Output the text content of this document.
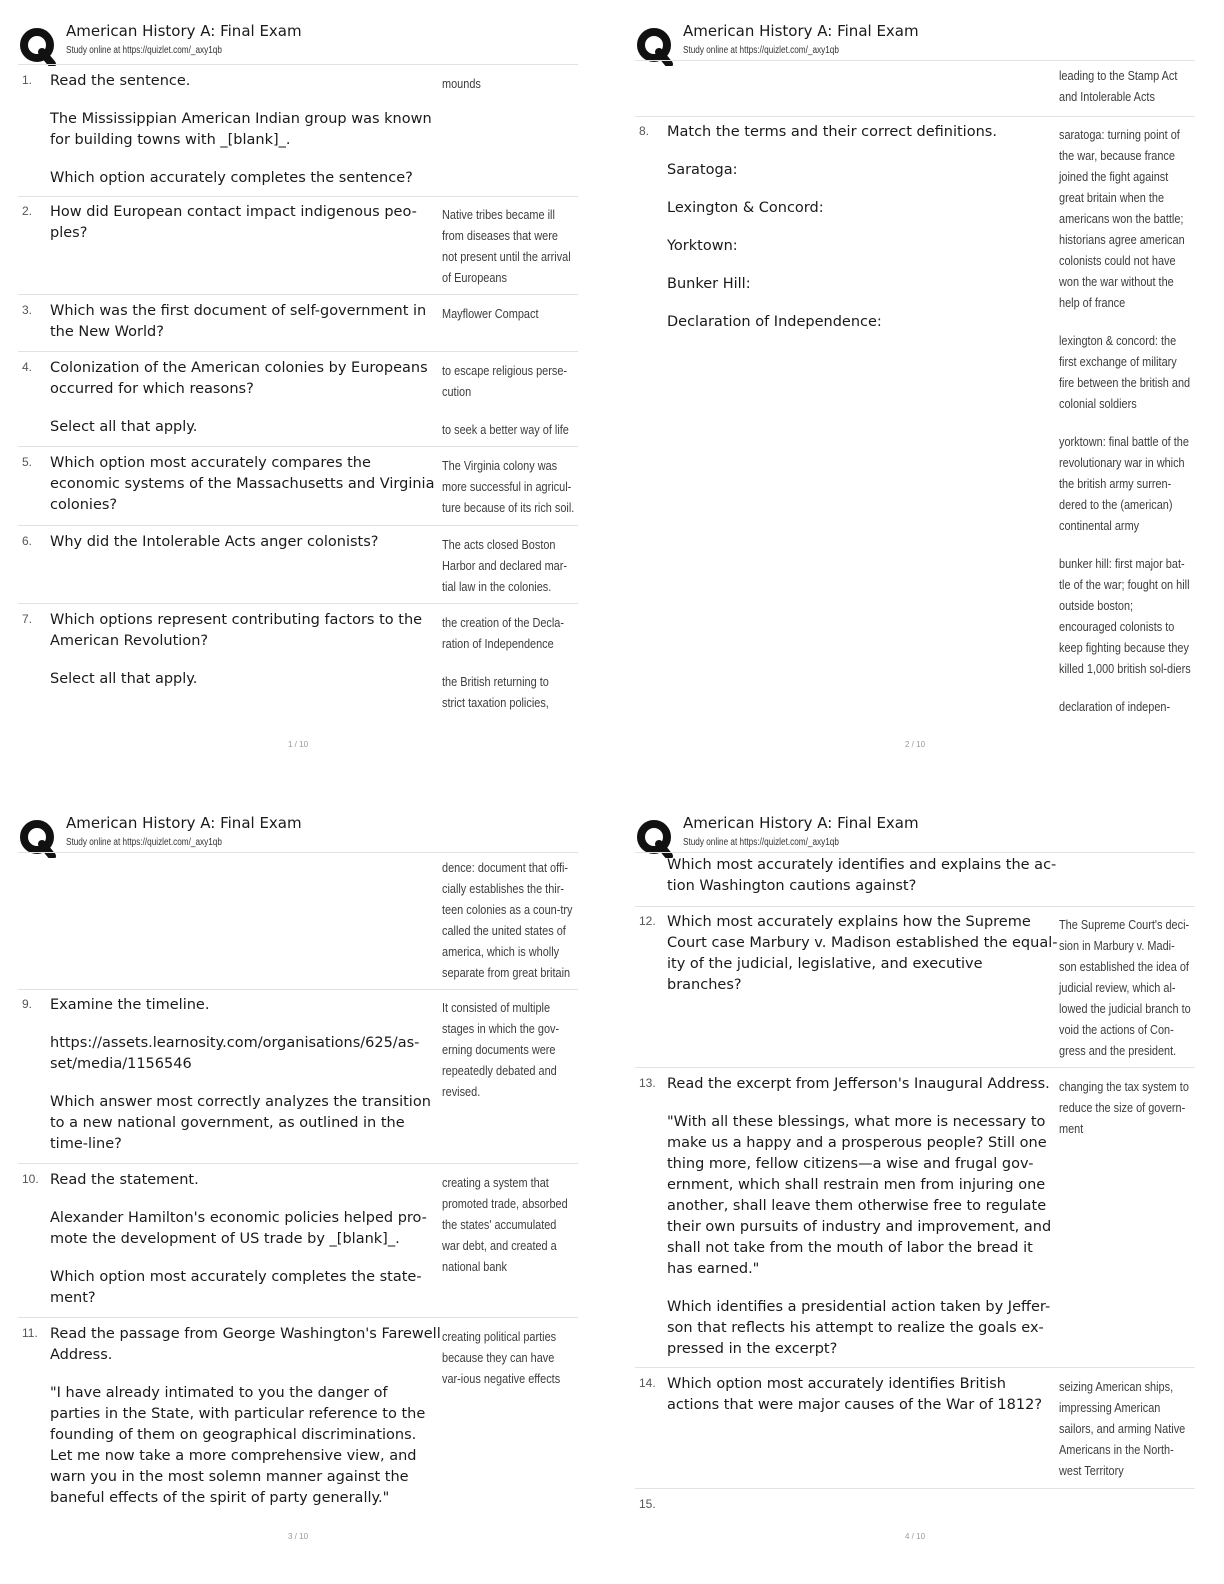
American History A: Final Exam
Study online at https://quizlet.com/_axy1qb
1. Read the sentence.

The Mississippian American Indian group was known for building towns with _[blank]_.

Which option accurately completes the sentence?

mounds

2. How did European contact impact indigenous peo-ples?

Native tribes became ill from diseases that were not present until the arrival of Europeans

3. Which was the first document of self-government in the New World?

Mayflower Compact

4. Colonization of the American colonies by Europeans occurred for which reasons?

Select all that apply.

to escape religious perse-cution

to seek a better way of life

5. Which option most accurately compares the economic systems of the Massachusetts and Virginia colonies?

The Virginia colony was more successful in agricul-ture because of its rich soil.

6. Why did the Intolerable Acts anger colonists?	The acts closed Boston Harbor and declared mar-tial law in the colonies.

7. Which options represent contributing factors to the American Revolution?

Select all that apply.

the creation of the Decla-ration of Independence

the British returning to strict taxation policies,

1 / 10
American History A: Final Exam
Study online at https://quizlet.com/_axy1qb

leading to the Stamp Act and Intolerable Acts

8. Match the terms and their correct definitions.

Saratoga:

Lexington & Concord:

Yorktown:

Bunker Hill:

Declaration of Independence:

saratoga: turning point of the war, because france joined the fight against great britain when the americans won the battle; historians agree american colonists could not have won the war without the help of france

lexington & concord: the first exchange of military fire between the british and colonial soldiers

yorktown: final battle of the revolutionary war in which the british army surren-dered to the (american) continental army

bunker hill: first major bat-tle of the war; fought on hill outside boston; encouraged colonists to keep fighting because they killed 1,000 british sol-diers

declaration of indepen-

2 / 10
American History A: Final Exam
Study online at https://quizlet.com/_axy1qb

dence: document that offi-cially establishes the thir-teen colonies as a coun-try called the united states of america, which is wholly separate from great britain

9. Examine the timeline.

https://assets.learnosity.com/organisations/625/as-set/media/1156546

Which answer most correctly analyzes the transition to a new national government, as outlined in the time-line?

It consisted of multiple stages in which the gov-erning documents were repeatedly debated and revised.

10. Read the statement.

Alexander Hamilton's economic policies helped pro-mote the development of US trade by _[blank]_.

Which option most accurately completes the state-ment?

creating a system that promoted trade, absorbed the states' accumulated war debt, and created a national bank

11. Read the passage from George Washington's Farewell Address.

"I have already intimated to you the danger of parties in the State, with particular reference to the founding of them on geographical discriminations. Let me now take a more comprehensive view, and warn you in the most solemn manner against the baneful effects of the spirit of party generally."

creating political parties because they can have var-ious negative effects

3 / 10
American History A: Final Exam
Study online at https://quizlet.com/_axy1qb

Which most accurately identifies and explains the ac-tion Washington cautions against?

12. Which most accurately explains how the Supreme Court case Marbury v. Madison established the equal-ity of the judicial, legislative, and executive branches?

The Supreme Court's deci-sion in Marbury v. Madi-son established the idea of judicial review, which al-lowed the judicial branch to void the actions of Con-gress and the president.

13. Read the excerpt from Jefferson's Inaugural Address.

"With all these blessings, what more is necessary to make us a happy and a prosperous people? Still one thing more, fellow citizens—a wise and frugal gov-ernment, which shall restrain men from injuring one another, shall leave them otherwise free to regulate their own pursuits of industry and improvement, and shall not take from the mouth of labor the bread it has earned."

Which identifies a presidential action taken by Jeffer-son that reflects his attempt to realize the goals ex-pressed in the excerpt?

changing the tax system to reduce the size of govern-ment

14. Which option most accurately identifies British actions that were major causes of the War of 1812?

seizing American ships, impressing American sailors, and arming Native Americans in the North-west Territory

15.
4 / 10
